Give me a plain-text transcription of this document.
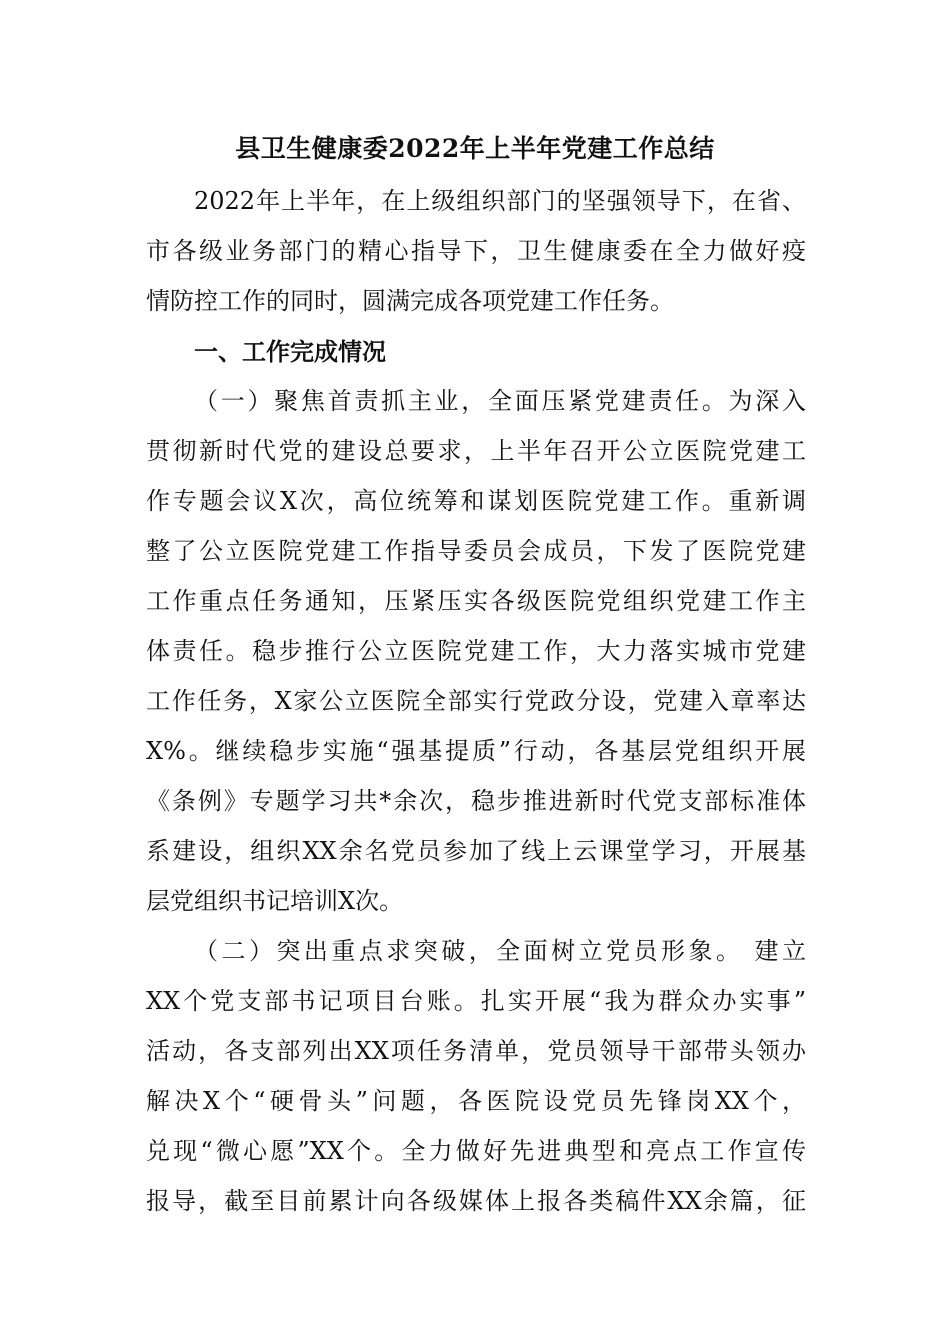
县卫生健康委2022年上半年党建工作总结
2022年上半年，在上级组织部门的坚强领导下，在省、
市各级业务部门的精心指导下，卫生健康委在全力做好疫
情防控工作的同时，圆满完成各项党建工作任务。
一、工作完成情况
（一）聚焦首责抓主业，全面压紧党建责任。为深入
贯彻新时代党的建设总要求，上半年召开公立医院党建工
作专题会议X次，高位统筹和谋划医院党建工作。重新调
整了公立医院党建工作指导委员会成员，下发了医院党建
工作重点任务通知，压紧压实各级医院党组织党建工作主
体责任。稳步推行公立医院党建工作，大力落实城市党建
工作任务，X家公立医院全部实行党政分设，党建入章率达
X%。继续稳步实施“强基提质”行动，各基层党组织开展
《条例》专题学习共*余次，稳步推进新时代党支部标准体
系建设，组织XX余名党员参加了线上云课堂学习，开展基
层党组织书记培训X次。
（二）突出重点求突破，全面树立党员形象。 建立
XX个党支部书记项目台账。扎实开展“我为群众办实事”
活动，各支部列出XX项任务清单，党员领导干部带头领办
解决X个“硬骨头”问题，各医院设党员先锋岗XX个，
兑现“微心愿”XX个。全力做好先进典型和亮点工作宣传
报导，截至目前累计向各级媒体上报各类稿件XX余篇，征
